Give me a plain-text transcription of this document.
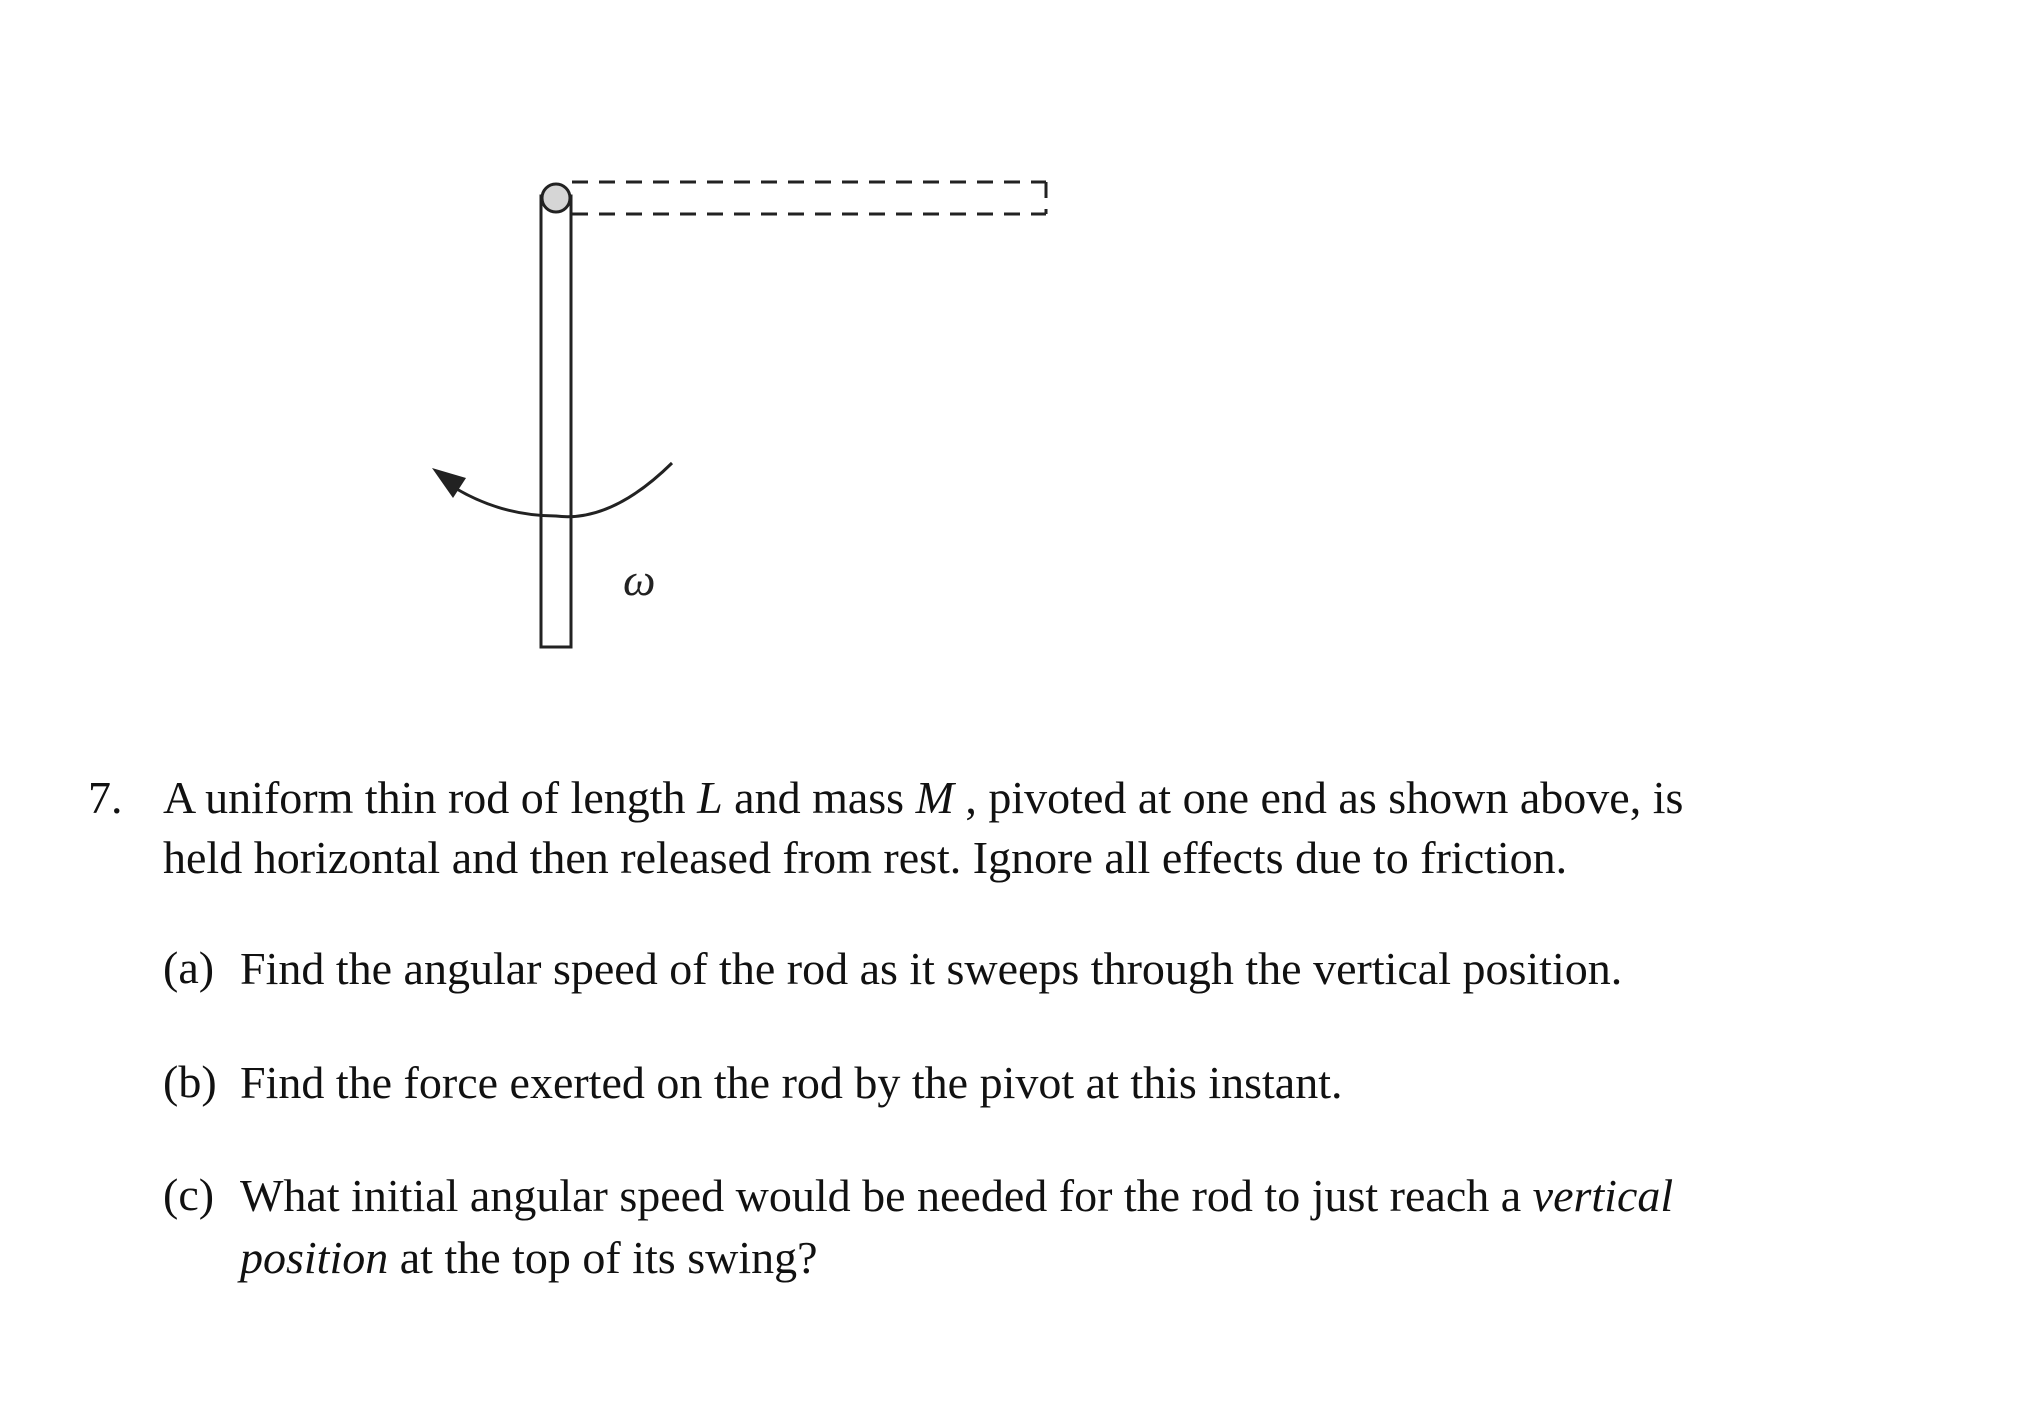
ω
7. A uniform thin rod of length L and mass M , pivoted at one end as shown above, is
held horizontal and then released from rest. Ignore all effects due to friction.
(a) Find the angular speed of the rod as it sweeps through the vertical position.
(b) Find the force exerted on the rod by the pivot at this instant.
(c) What initial angular speed would be needed for the rod to just reach a vertical
position at the top of its swing?
